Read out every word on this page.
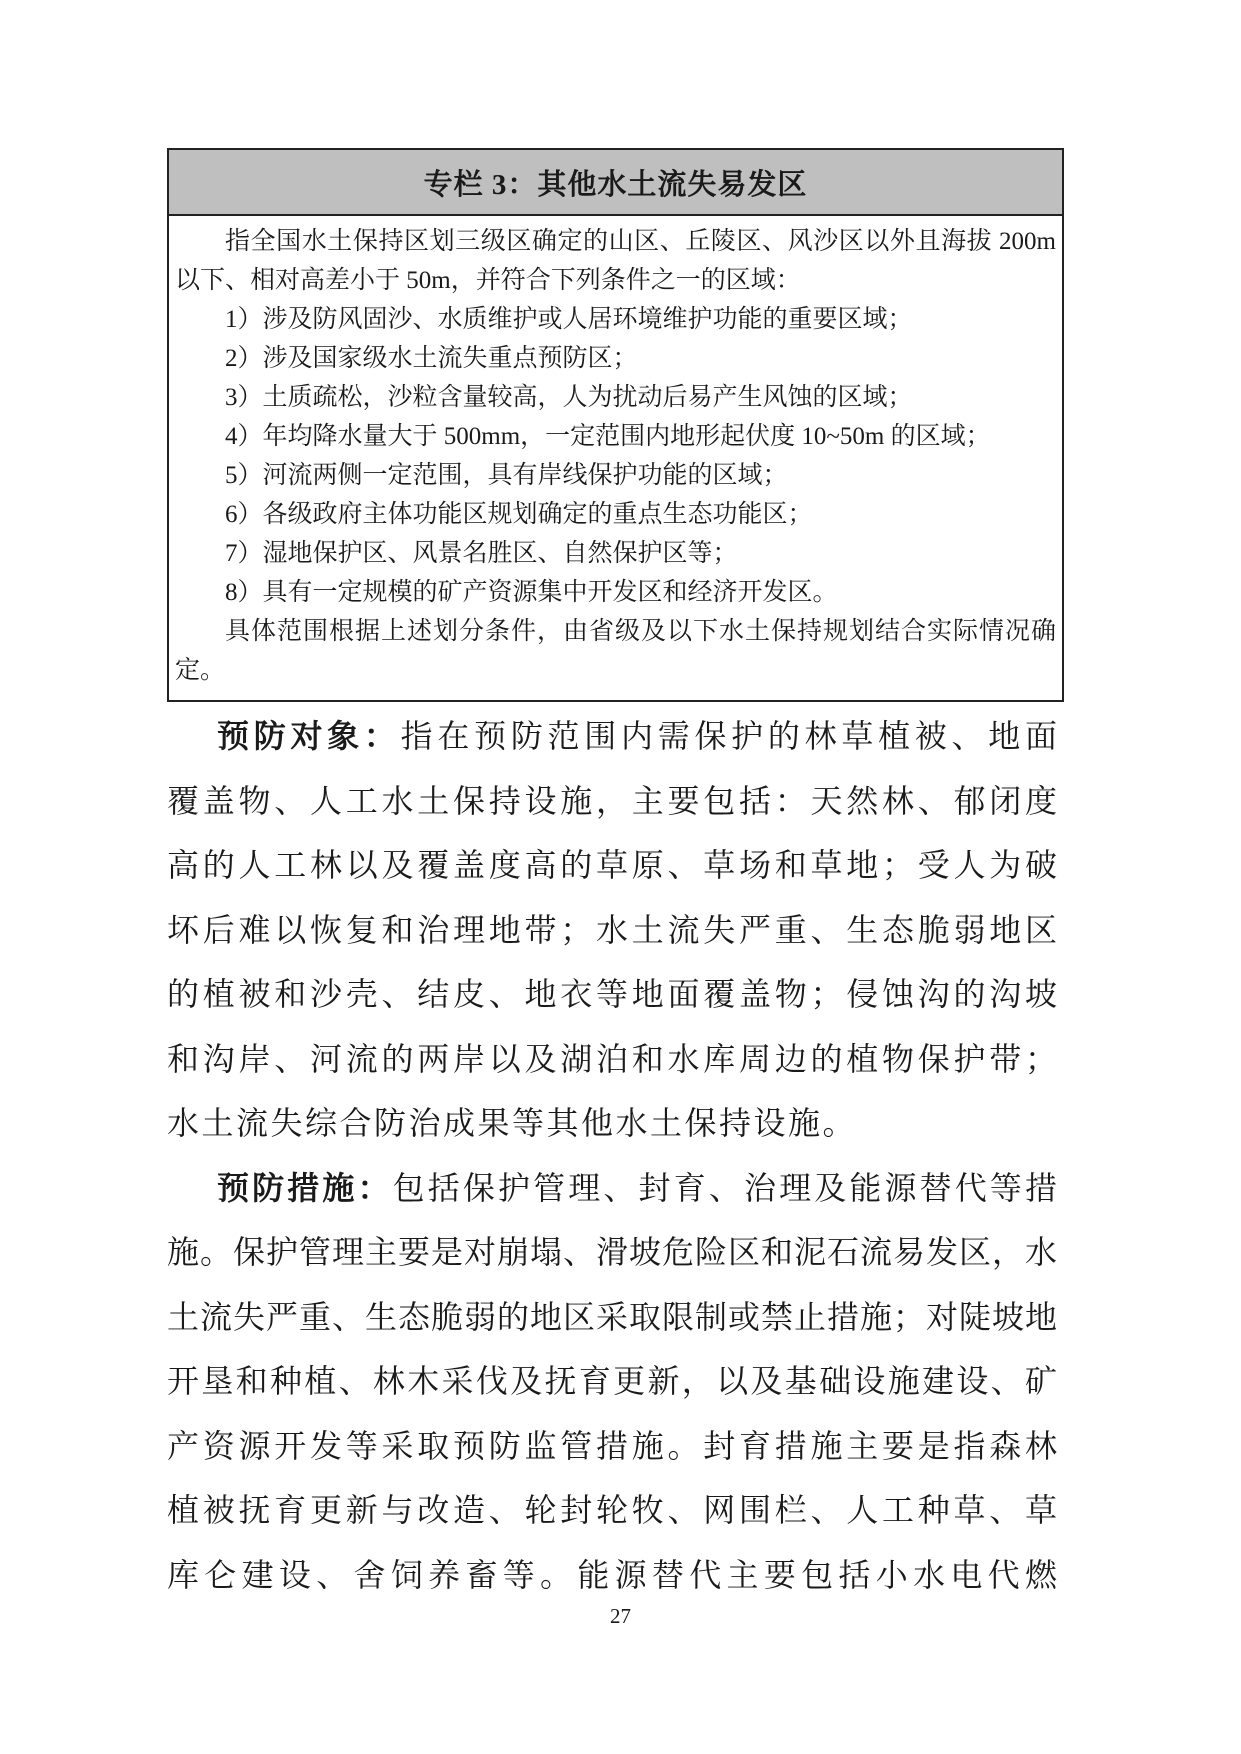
专栏 3：其他水土流失易发区
指全国水土保持区划三级区确定的山区、丘陵区、风沙区以外且海拔 200m
以下、相对高差小于 50m，并符合下列条件之一的区域：
1）涉及防风固沙、水质维护或人居环境维护功能的重要区域；
2）涉及国家级水土流失重点预防区；
3）土质疏松，沙粒含量较高，人为扰动后易产生风蚀的区域；
4）年均降水量大于 500mm，一定范围内地形起伏度 10~50m 的区域；
5）河流两侧一定范围，具有岸线保护功能的区域；
6）各级政府主体功能区规划确定的重点生态功能区；
7）湿地保护区、风景名胜区、自然保护区等；
8）具有一定规模的矿产资源集中开发区和经济开发区。
具体范围根据上述划分条件，由省级及以下水土保持规划结合实际情况确
定。
预防对象：指在预防范围内需保护的林草植被、地面
覆盖物、人工水土保持设施，主要包括：天然林、郁闭度
高的人工林以及覆盖度高的草原、草场和草地；受人为破
坏后难以恢复和治理地带；水土流失严重、生态脆弱地区
的植被和沙壳、结皮、地衣等地面覆盖物；侵蚀沟的沟坡
和沟岸、河流的两岸以及湖泊和水库周边的植物保护带；
水土流失综合防治成果等其他水土保持设施。
预防措施：包括保护管理、封育、治理及能源替代等措
施。保护管理主要是对崩塌、滑坡危险区和泥石流易发区，水
土流失严重、生态脆弱的地区采取限制或禁止措施；对陡坡地
开垦和种植、林木采伐及抚育更新，以及基础设施建设、矿
产资源开发等采取预防监管措施。封育措施主要是指森林
植被抚育更新与改造、轮封轮牧、网围栏、人工种草、草
库仑建设、舍饲养畜等。能源替代主要包括小水电代燃
27
